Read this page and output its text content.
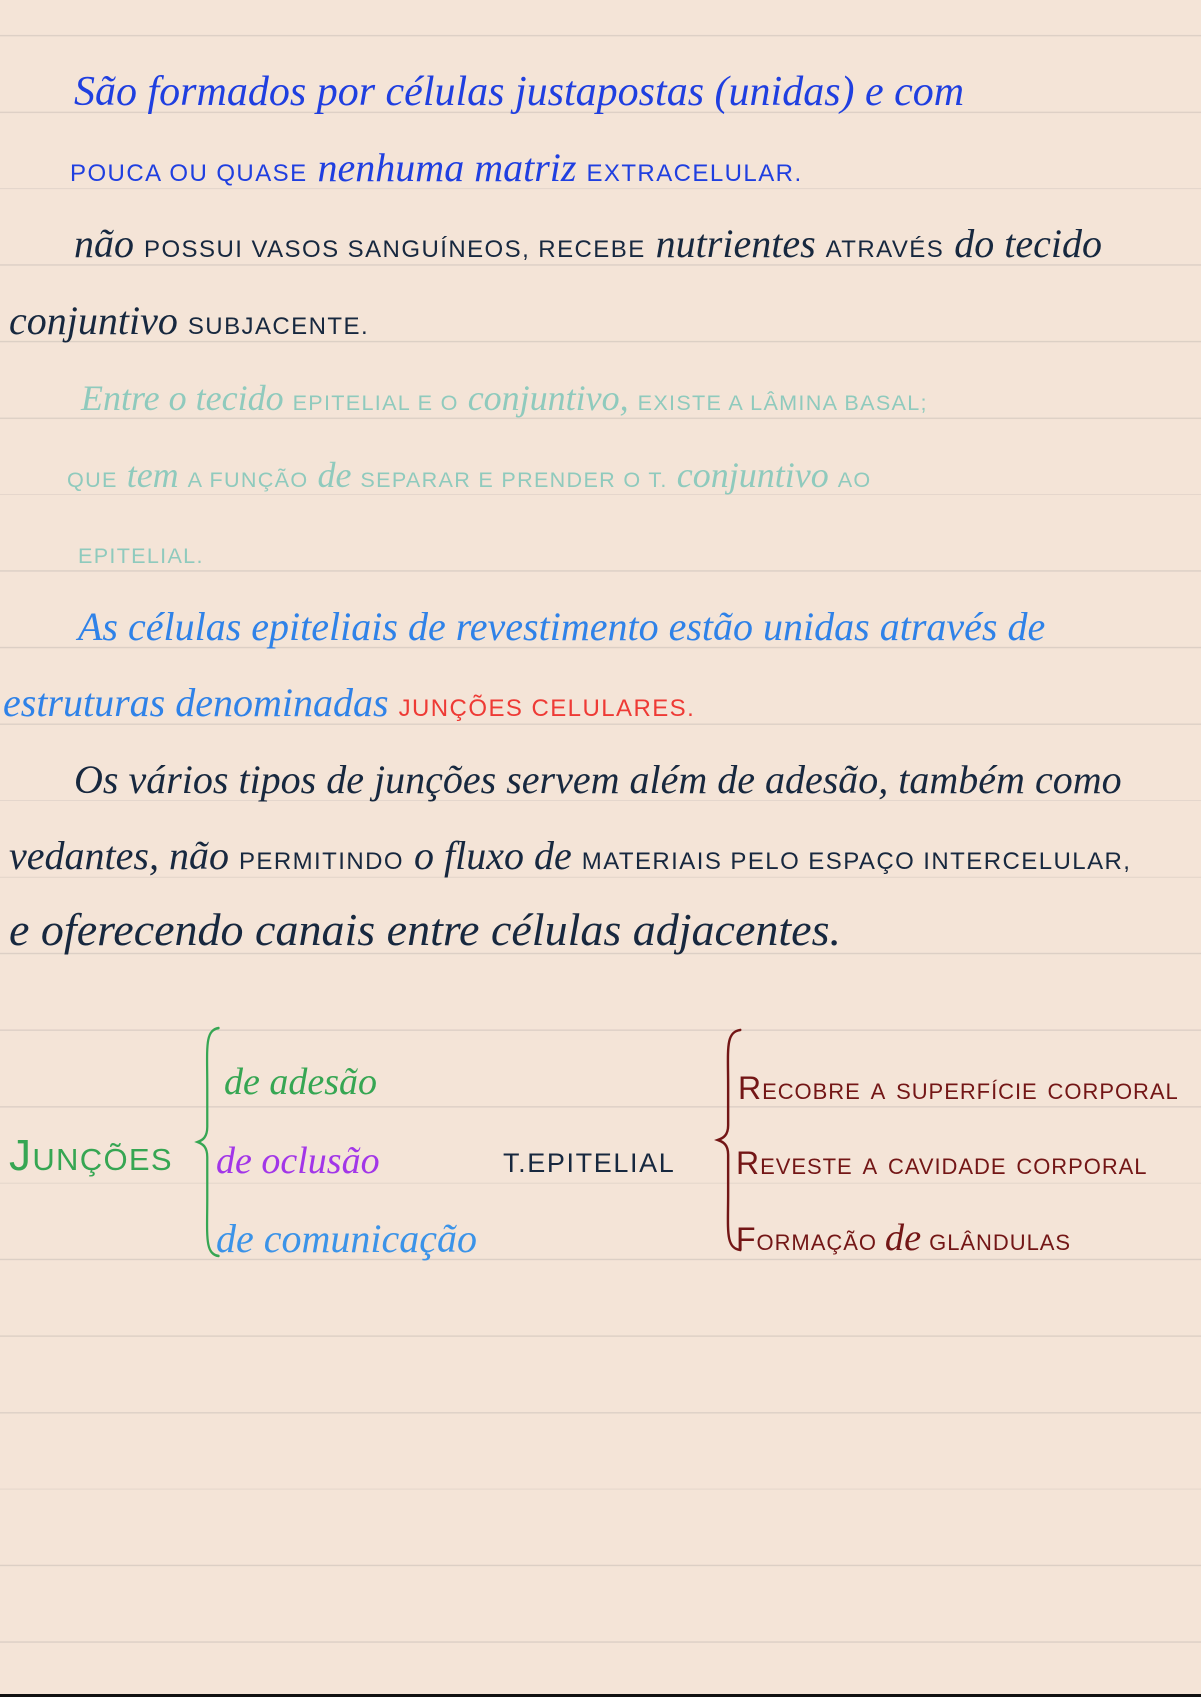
São formados por células justapostas (unidas) e com
POUCA OU QUASE nenhuma matriz EXTRACELULAR.
não POSSUI VASOS SANGUÍNEOS, RECEBE nutrientes ATRAVÉS do tecido
conjuntivo SUBJACENTE.
Entre o tecido EPITELIAL E O conjuntivo, EXISTE A LÂMINA BASAL;
QUE tem A FUNÇÃO de SEPARAR E PRENDER O T. conjuntivo AO
EPITELIAL.
As células epiteliais de revestimento estão unidas através de
estruturas denominadas JUNÇÕES CELULARES.
Os vários tipos de junções servem além de adesão, também como
vedantes, não PERMITINDO o fluxo de MATERIAIS PELO ESPAÇO INTERCELULAR,
e oferecendo canais entre células adjacentes.
Junções
de adesão
de oclusão
de comunicação
T.EPITELIAL
Recobre a superfície corporal
Reveste a cavidade corporal
Formação de glândulas
